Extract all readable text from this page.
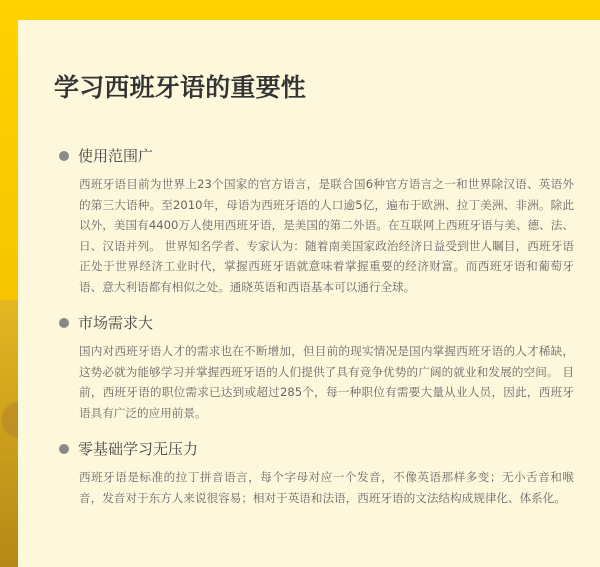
学习西班牙语的重要性
使用范围广

西班牙语目前为世界上23个国家的官方语言，是联合国6种官方语言之一和世界除汉语、英语外的第三大语种。至2010年，母语为西班牙语的人口逾5亿，遍布于欧洲、拉丁美洲、非洲。除此以外，美国有4400万人使用西班牙语，是美国的第二外语。在互联网上西班牙语与美、德、法、日、汉语并列。 世界知名学者、专家认为：随着南美国家政治经济日益受到世人瞩目，西班牙语正处于世界经济工业时代，掌握西班牙语就意味着掌握重要的经济财富。而西班牙语和葡萄牙语、意大利语都有相似之处。通晓英语和西语基本可以通行全球。

市场需求大

国内对西班牙语人才的需求也在不断增加，但目前的现实情况是国内掌握西班牙语的人才稀缺，这势必就为能够学习并掌握西班牙语的人们提供了具有竞争优势的广阔的就业和发展的空间。 目前，西班牙语的职位需求已达到或超过285个，每一种职位有需要大量从业人员，因此，西班牙语具有广泛的应用前景。

零基础学习无压力

西班牙语是标准的拉丁拼音语言，每个字母对应一个发音，不像英语那样多变；无小舌音和喉音，发音对于东方人来说很容易；相对于英语和法语，西班牙语的文法结构成规律化、体系化。
